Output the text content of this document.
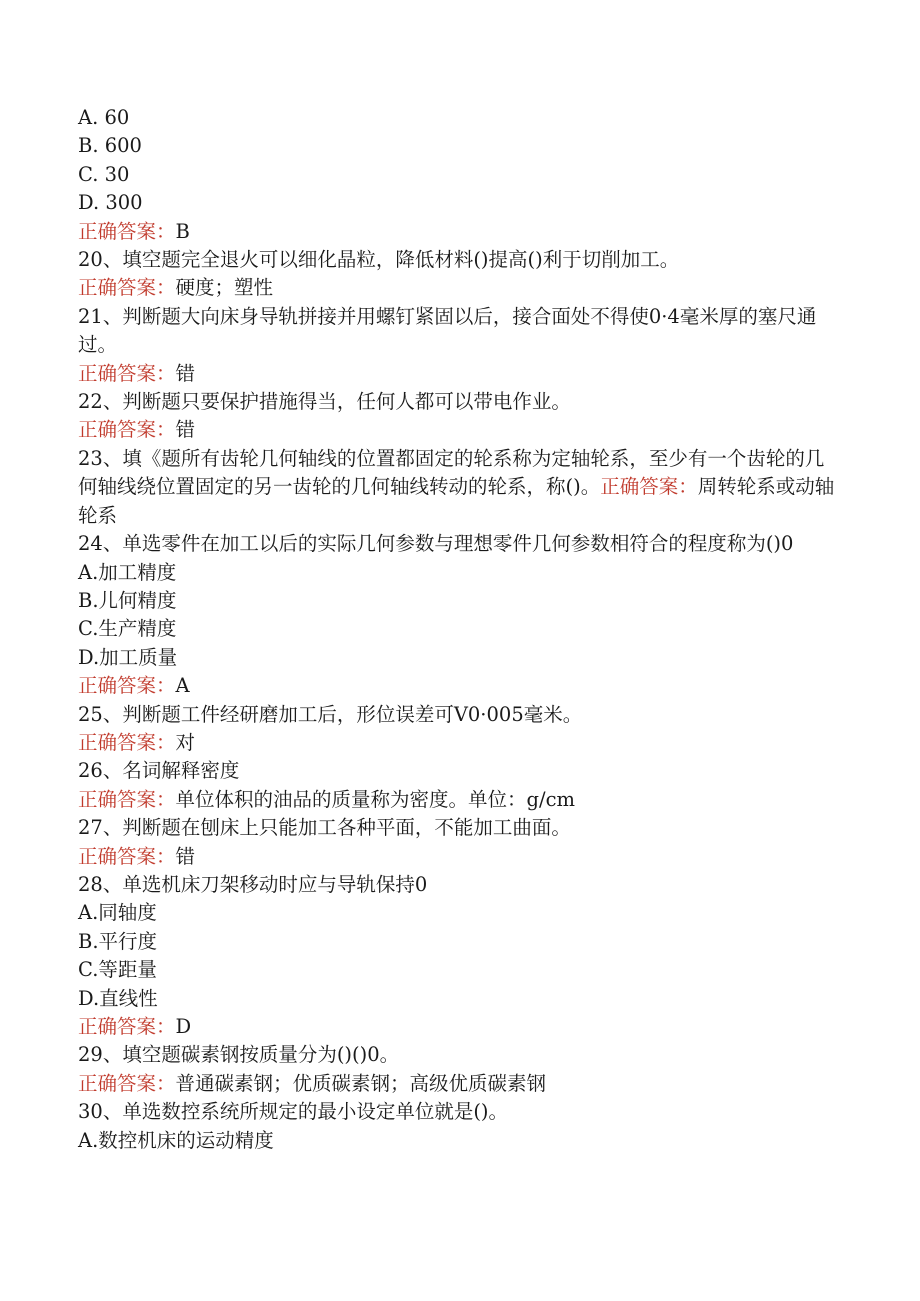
A. 60

B. 600

C. 30

D. 300

正确答案：B

20、填空题完全退火可以细化晶粒，降低材料()提高()利于切削加工。

正确答案：硬度；塑性

21、判断题大向床身导轨拼接并用螺钉紧固以后，接合面处不得使0·4毫米厚的塞尺通过。

正确答案：错

22、判断题只要保护措施得当，任何人都可以带电作业。

正确答案：错

23、填《题所有齿轮几何轴线的位置都固定的轮系称为定轴轮系，至少有一个齿轮的几何轴线绕位置固定的另一齿轮的几何轴线转动的轮系，称()。正确答案：周转轮系或动轴轮系

24、单选零件在加工以后的实际几何参数与理想零件几何参数相符合的程度称为()0

A.加工精度

B.儿何精度

C.生产精度

D.加工质量

正确答案：A

25、判断题工件经研磨加工后，形位误差可V0·005毫米。

正确答案：对

26、名词解释密度

正确答案：单位体积的油品的质量称为密度。单位：g/cm

27、判断题在刨床上只能加工各种平面，不能加工曲面。

正确答案：错

28、单选机床刀架移动时应与导轨保持0

A.同轴度

B.平行度

C.等距量

D.直线性

正确答案：D

29、填空题碳素钢按质量分为()()0。

正确答案：普通碳素钢；优质碳素钢；高级优质碳素钢

30、单选数控系统所规定的最小设定单位就是()。

A.数控机床的运动精度
